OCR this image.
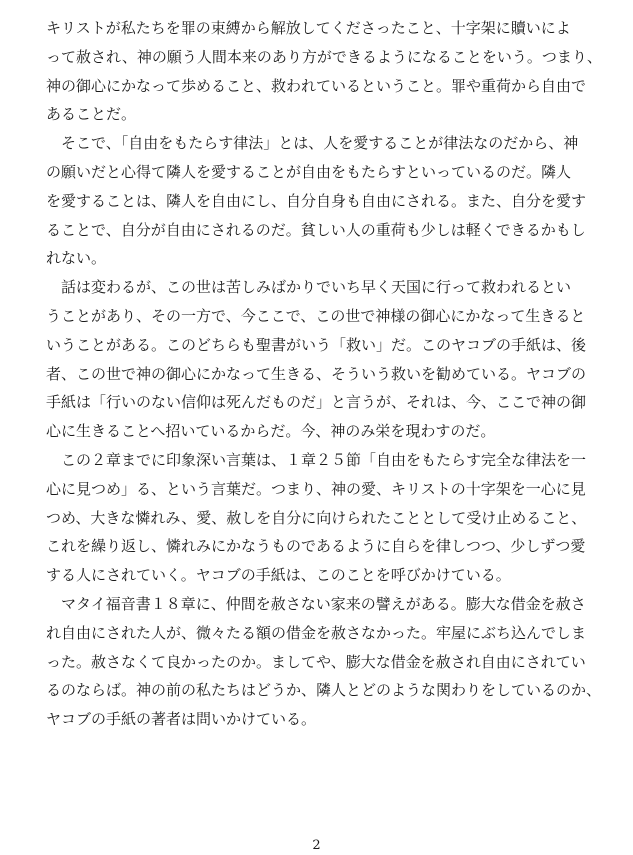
キリストが私たちを罪の束縛から解放してくださったこと、十字架に贖いによ
って赦され、神の願う人間本来のあり方ができるようになることをいう。つまり、
神の御心にかなって歩めること、救われているということ。罪や重荷から自由で
あることだ。
　そこで、「自由をもたらす律法」とは、人を愛することが律法なのだから、神
の願いだと心得て隣人を愛することが自由をもたらすといっているのだ。隣人
を愛することは、隣人を自由にし、自分自身も自由にされる。また、自分を愛す
ることで、自分が自由にされるのだ。貧しい人の重荷も少しは軽くできるかもし
れない。
　話は変わるが、この世は苦しみばかりでいち早く天国に行って救われるとい
うことがあり、その一方で、今ここで、この世で神様の御心にかなって生きると
いうことがある。このどちらも聖書がいう「救い」だ。このヤコブの手紙は、後
者、この世で神の御心にかなって生きる、そういう救いを勧めている。ヤコブの
手紙は「行いのない信仰は死んだものだ」と言うが、それは、今、ここで神の御
心に生きることへ招いているからだ。今、神のみ栄を現わすのだ。
　この２章までに印象深い言葉は、１章２５節「自由をもたらす完全な律法を一
心に見つめ」る、という言葉だ。つまり、神の愛、キリストの十字架を一心に見
つめ、大きな憐れみ、愛、赦しを自分に向けられたこととして受け止めること、
これを繰り返し、憐れみにかなうものであるように自らを律しつつ、少しずつ愛
する人にされていく。ヤコブの手紙は、このことを呼びかけている。
　マタイ福音書１８章に、仲間を赦さない家来の譬えがある。膨大な借金を赦さ
れ自由にされた人が、微々たる額の借金を赦さなかった。牢屋にぶち込んでしま
った。赦さなくて良かったのか。ましてや、膨大な借金を赦され自由にされてい
るのならば。神の前の私たちはどうか、隣人とどのような関わりをしているのか、
ヤコブの手紙の著者は問いかけている。
2
